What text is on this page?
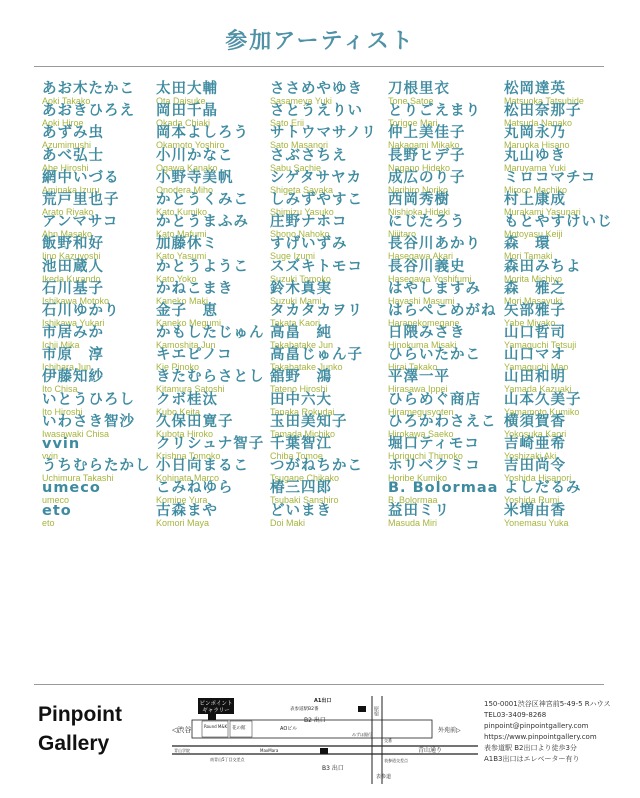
参加アーティスト
あお木たかこ
Aoki Takako
あおきひろえ
Aoki Hiroe
あずみ虫
Azumimushi
あべ弘士
Abe Hiroshi
網中いづる
Aminaka Izuru
荒戸里也子
Arato Riyako
アンマサコ
Ahn Masako
飯野和好
Iino Kazuyoshi
池田蔵人
Ikeda Kurando
石川基子
Ishikawa Motoko
石川ゆかり
Ishikawa Yukari
市居みか
Ichii Mika
市原　淳
Ichihara Jun
伊藤知紗
Ito Chisa
いとうひろし
Ito Hiroshi
いわさき智沙
Iwasawaki Chisa
vvin
vvin
うちむらたかし
Uchimura Takashi
umeco
umeco
eto
eto
太田大輔
Ota Daisuke
岡田千晶
Okada Chiaki
岡本よしろう
Okamoto Yoshiro
小川かなこ
Ogawa Kanako
小野寺美帆
Onodera Miho
かとうくみこ
Kato Kumiko
かとうまふみ
Kato Mafumi
加藤休ミ
Kato Yasumi
かとうようこ
Kato Yoko
かねこまき
Kaneko Maki
金子　恵
Kaneko Megumi
かもしたじゅん
Kamoshita Jun
キエピノコ
Kie Pinoko
きたむらさとし
Kitamura Satoshi
クボ桂汰
Kubo Keita
久保田寛子
Kubota Hiroko
クリシュナ智子
Krishna Tomoko
小日向まるこ
Kohinata Marco
こみねゆら
Komine Yura
古森まや
Komori Maya
ささめやゆき
Sasameya Yuki
さとうえりい
Sato Erii
サトウマサノリ
Sato Masanori
さぶさちえ
Sabu Sachie
シゲタサヤカ
Shigeta Sayaka
しみずやすこ
Shimizu Yasuko
庄野ナホコ
Shono Nahoko
すげいずみ
Suge Izumi
スズキトモコ
Suzuki Tomoko
鈴木真実
Suzuki Mami
タカタカヲリ
Takata Kaori
高畠　純
Takabatake Jun
高畠じゅん子
Takabatake Junko
舘野　鴻
Tateno Hiroshi
田中六大
Tanaka Rokudai
玉田美知子
Tamada Michiko
千葉智江
Chiba Tomoe
つがねちかこ
Tsugane Chikako
椿三四郎
Tsubaki Sanshiro
どいまき
Doi Maki
刀根里衣
Tone Satoe
とりごえまり
Torigoe Mari
仲上美佳子
Nakagami Mikako
長野ヒデ子
Nagano Hideko
成広のり子
Narihiro Noriko
西岡秀樹
Nishioka Hideki
にじたろう
Nijitaro
長谷川あかり
Hasegawa Akari
長谷川義史
Hasegawa Yoshifumi
はやしますみ
Hayashi Masumi
はらぺこめがね
Harapekomegane
日隈みさき
Hinokuma Misaki
ひらいたかこ
Hirai Takako
平澤一平
Hirasawa Ippei
ひらめぐ商店
Hiramegusyoten
ひろかわさえこ
Hirokawa Saeko
堀口ティモコ
Horiguchi Thimoko
ホリベクミコ
Horibe Kumiko
B. Bolormaa
B. Bolormaa
益田ミリ
Masuda Miri
松岡達英
Matsuoka Tatsuhide
松田奈那子
Matsuda Nanako
丸岡永乃
Maruoka Hisano
丸山ゆき
Maruyama Yuki
ミロコマチコ
Miroco Machiko
村上康成
Murakami Yasunari
もとやすけいじ
Motoyasu Keiji
森　環
Mori Tamaki
森田みちよ
Morita Michiyo
森　雅之
Mori Masayuki
矢部雅子
Yabe Miyako
山口哲司
Yamaguchi Tetsuji
山口マオ
Yamaguchi Mao
山田和明
Yamada Kazuaki
山本久美子
Yamamoto Kumiko
横須賀香
Yokosuka Kaori
吉崎亜希
Yoshizaki Aki
吉田尚令
Yoshida Hisanori
よしだるみ
Yoshida Rumi
米増由香
Yonemasu Yuka
Pinpoint
Gallery
ピンポイント
ギャラリー
Round M&K 花の館	AOビル
A1出口
表参道駅B2番
B2 出口
みずほ銀行
◁渋谷	外苑前▷
原宿
青山学院
南青山5丁目交差点
MaxMara
B3 出口
交番
表参道交差点
青山通り
表参道
150-0001渋谷区神宮前5-49-5 Rハウス
TEL03-3409-8268
pinpoint@pinpointgallery.com
https://www.pinpointgallery.com
表参道駅 B2出口より徒歩3分
A1B3出口はエレベーター有り
